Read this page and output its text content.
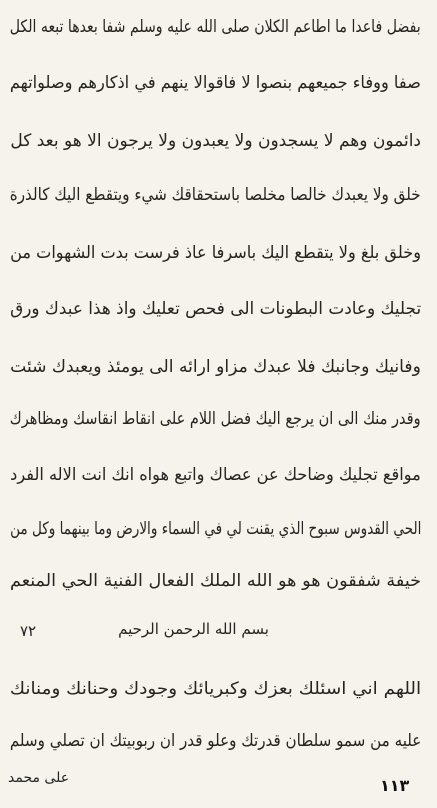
بفضل فاعدا ما اطاعم الكلان صلى الله عليه وسلم شفا بعدها تبعه الكل
صفا ووفاء جميعهم بنصوا لا فاقوالا ينهم في اذكارهم وصلواتهم
دائمون وهم لا يسجدون ولا يعبدون ولا يرجون الا هو بعد كل
خلق ولا يعبدك خالصا مخلصا باستحقاقك شيء ويتقطع اليك كالذرة
وخلق بلغ ولا يتقطع اليك باسرفا عاذ فرست بدت الشهوات من
تجليك وعادت البطونات الى فحص تعليك واذ هذا عبدك ورق
وفانيك وجانبك فلا عبدك مزاو ارائه الى يومئذ ويعبدك شئت
وقدر منك الى ان يرجع اليك فضل اللام على انقاط انقاسك ومظاهرك
مواقع تجليك وضاحك عن عصاك واتبع هواه انك انت الاله الفرد
الحي القدوس سبوح الذي يقنت لي في السماء والارض وما بينهما وكل من
خيفة شفقون هو هو الله الملك الفعال الفنية الحي المنعم
بسم الله الرحمن الرحيم
٧٢
اللهم اني اسئلك بعزك وكبريائك وجودك وحنانك ومنانك
عليه من سمو سلطان قدرتك وعلو قدر ان ربوبيتك ان تصلي وسلم
على محمد	١١٣
